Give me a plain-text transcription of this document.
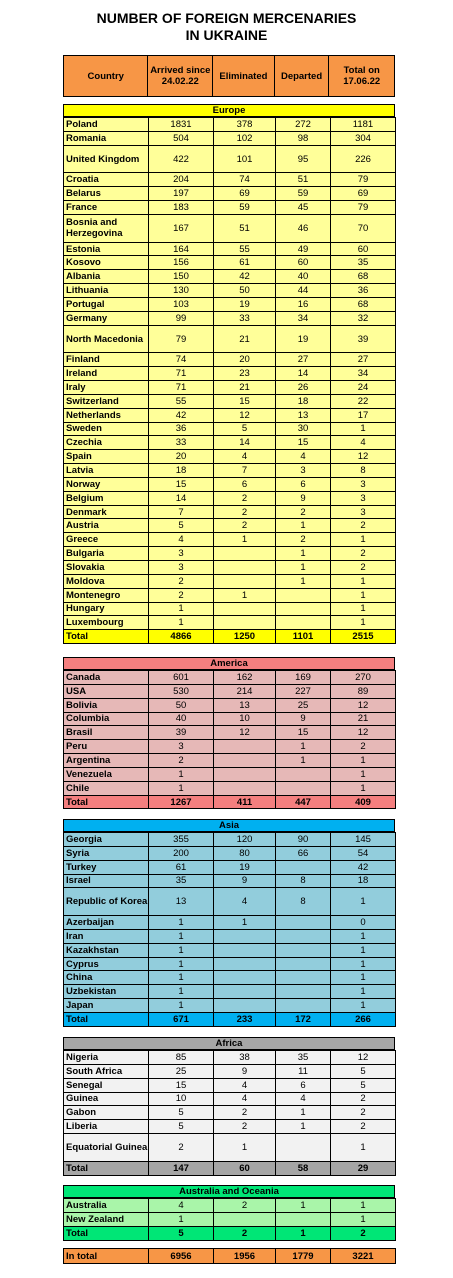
NUMBER OF FOREIGN MERCENARIES
IN UKRAINE
Country	Arrived since 24.02.22	Eliminated	Departed	Total on 17.06.22
Europe
Poland	1831	378	272	1181
Romania	504	102	98	304
United Kingdom	422	101	95	226
Croatia	204	74	51	79
Belarus	197	69	59	69
France	183	59	45	79
Bosnia and Herzegovina	167	51	46	70
Estonia	164	55	49	60
Kosovo	156	61	60	35
Albania	150	42	40	68
Lithuania	130	50	44	36
Portugal	103	19	16	68
Germany	99	33	34	32
North Macedonia	79	21	19	39
Finland	74	20	27	27
Ireland	71	23	14	34
Iraly	71	21	26	24
Switzerland	55	15	18	22
Netherlands	42	12	13	17
Sweden	36	5	30	1
Czechia	33	14	15	4
Spain	20	4	4	12
Latvia	18	7	3	8
Norway	15	6	6	3
Belgium	14	2	9	3
Denmark	7	2	2	3
Austria	5	2	1	2
Greece	4	1	2	1
Bulgaria	3		1	2
Slovakia	3		1	2
Moldova	2		1	1
Montenegro	2	1		1
Hungary	1			1
Luxembourg	1			1
Total	4866	1250	1101	2515
America
Canada	601	162	169	270
USA	530	214	227	89
Bolivia	50	13	25	12
Columbia	40	10	9	21
Brasil	39	12	15	12
Peru	3		1	2
Argentina	2		1	1
Venezuela	1			1
Chile	1			1
Total	1267	411	447	409
Asia
Georgia	355	120	90	145
Syria	200	80	66	54
Turkey	61	19		42
Israel	35	9	8	18
Republic of Korea	13	4	8	1
Azerbaijan	1	1		0
Iran	1			1
Kazakhstan	1			1
Cyprus	1			1
China	1			1
Uzbekistan	1			1
Japan	1			1
Total	671	233	172	266
Africa
Nigeria	85	38	35	12
South Africa	25	9	11	5
Senegal	15	4	6	5
Guinea	10	4	4	2
Gabon	5	2	1	2
Liberia	5	2	1	2
Equatorial Guinea	2	1		1
Total	147	60	58	29
Australia and Oceania
Australia	4	2	1	1
New Zealand	1			1
Total	5	2	1	2
In total	6956	1956	1779	3221
